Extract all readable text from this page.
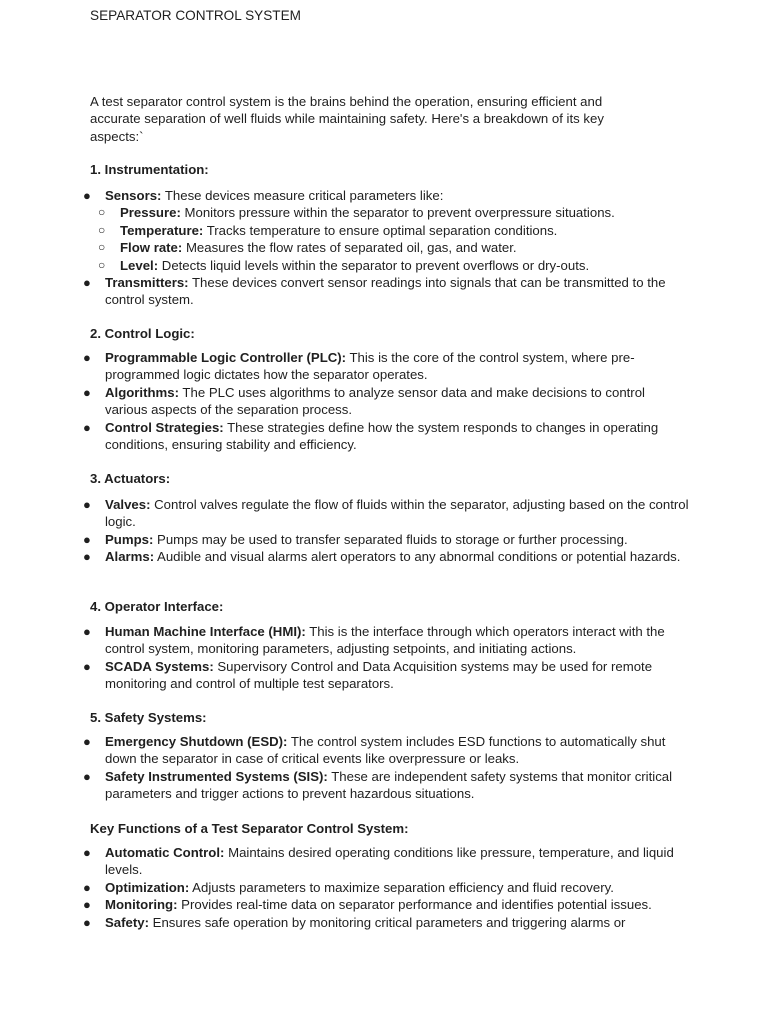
SEPARATOR CONTROL SYSTEM
A test separator control system is the brains behind the operation, ensuring efficient and accurate separation of well fluids while maintaining safety. Here's a breakdown of its key aspects:`
1. Instrumentation:
● Sensors: These devices measure critical parameters like:
○ Pressure: Monitors pressure within the separator to prevent overpressure situations.
○ Temperature: Tracks temperature to ensure optimal separation conditions.
○ Flow rate: Measures the flow rates of separated oil, gas, and water.
○ Level: Detects liquid levels within the separator to prevent overflows or dry-outs.
● Transmitters: These devices convert sensor readings into signals that can be transmitted to the control system.
2. Control Logic:
● Programmable Logic Controller (PLC): This is the core of the control system, where pre-programmed logic dictates how the separator operates.
● Algorithms: The PLC uses algorithms to analyze sensor data and make decisions to control various aspects of the separation process.
● Control Strategies: These strategies define how the system responds to changes in operating conditions, ensuring stability and efficiency.
3. Actuators:
● Valves: Control valves regulate the flow of fluids within the separator, adjusting based on the control logic.
● Pumps: Pumps may be used to transfer separated fluids to storage or further processing.
● Alarms: Audible and visual alarms alert operators to any abnormal conditions or potential hazards.
4. Operator Interface:
● Human Machine Interface (HMI): This is the interface through which operators interact with the control system, monitoring parameters, adjusting setpoints, and initiating actions.
● SCADA Systems: Supervisory Control and Data Acquisition systems may be used for remote monitoring and control of multiple test separators.
5. Safety Systems:
● Emergency Shutdown (ESD): The control system includes ESD functions to automatically shut down the separator in case of critical events like overpressure or leaks.
● Safety Instrumented Systems (SIS): These are independent safety systems that monitor critical parameters and trigger actions to prevent hazardous situations.
Key Functions of a Test Separator Control System:
● Automatic Control: Maintains desired operating conditions like pressure, temperature, and liquid levels.
● Optimization: Adjusts parameters to maximize separation efficiency and fluid recovery.
● Monitoring: Provides real-time data on separator performance and identifies potential issues.
● Safety: Ensures safe operation by monitoring critical parameters and triggering alarms or
